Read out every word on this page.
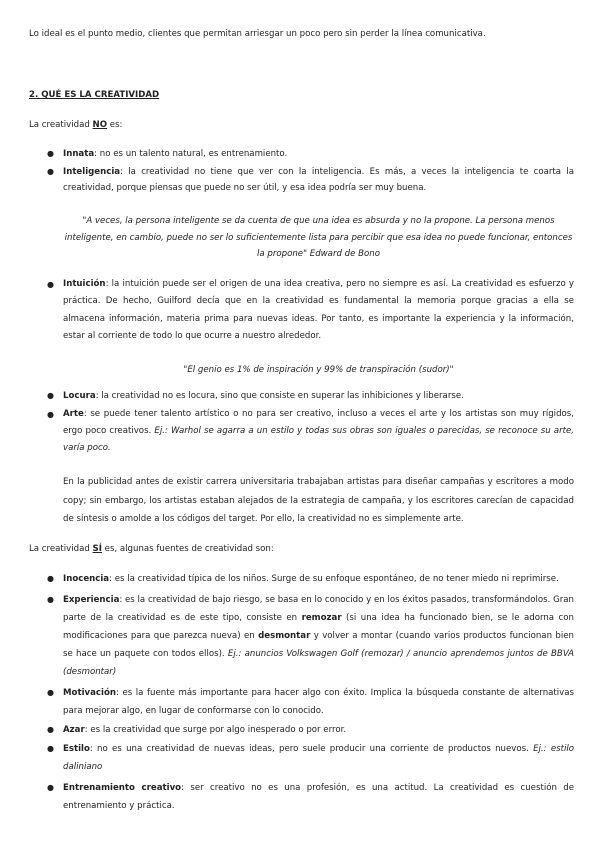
Lo ideal es el punto medio, clientes que permitan arriesgar un poco pero sin perder la línea comunicativa.

2. QUÉ ES LA CREATIVIDAD

La creatividad NO es:

● Innata: no es un talento natural, es entrenamiento.
● Inteligencia: la creatividad no tiene que ver con la inteligencia. Es más, a veces la inteligencia te coarta la creatividad, porque piensas que puede no ser útil, y esa idea podría ser muy buena.

"A veces, la persona inteligente se da cuenta de que una idea es absurda y no la propone. La persona menos inteligente, en cambio, puede no ser lo suficientemente lista para percibir que esa idea no puede funcionar, entonces la propone" Edward de Bono

● Intuición: la intuición puede ser el origen de una idea creativa, pero no siempre es así. La creatividad es esfuerzo y práctica. De hecho, Guilford decía que en la creatividad es fundamental la memoria porque gracias a ella se almacena información, materia prima para nuevas ideas. Por tanto, es importante la experiencia y la información, estar al corriente de todo lo que ocurre a nuestro alrededor.

"El genio es 1% de inspiración y 99% de transpiración (sudor)"

● Locura: la creatividad no es locura, sino que consiste en superar las inhibiciones y liberarse.
● Arte: se puede tener talento artístico o no para ser creativo, incluso a veces el arte y los artistas son muy rígidos, ergo poco creativos. Ej.: Warhol se agarra a un estilo y todas sus obras son iguales o parecidas, se reconoce su arte, varía poco.

En la publicidad antes de existir carrera universitaria trabajaban artistas para diseñar campañas y escritores a modo copy; sin embargo, los artistas estaban alejados de la estrategia de campaña, y los escritores carecían de capacidad de síntesis o amolde a los códigos del target. Por ello, la creatividad no es simplemente arte.

La creatividad SÍ es, algunas fuentes de creatividad son:

● Inocencia: es la creatividad típica de los niños. Surge de su enfoque espontáneo, de no tener miedo ni reprimirse.
● Experiencia: es la creatividad de bajo riesgo, se basa en lo conocido y en los éxitos pasados, transformándolos. Gran parte de la creatividad es de este tipo, consiste en remozar (si una idea ha funcionado bien, se le adorna con modificaciones para que parezca nueva) en desmontar y volver a montar (cuando varios productos funcionan bien se hace un paquete con todos ellos). Ej.: anuncios Volkswagen Golf (remozar) / anuncio aprendemos juntos de BBVA (desmontar)
● Motivación: es la fuente más importante para hacer algo con éxito. Implica la búsqueda constante de alternativas para mejorar algo, en lugar de conformarse con lo conocido.
● Azar: es la creatividad que surge por algo inesperado o por error.
● Estilo: no es una creatividad de nuevas ideas, pero suele producir una corriente de productos nuevos. Ej.: estilo daliniano
● Entrenamiento creativo: ser creativo no es una profesión, es una actitud. La creatividad es cuestión de entrenamiento y práctica.
